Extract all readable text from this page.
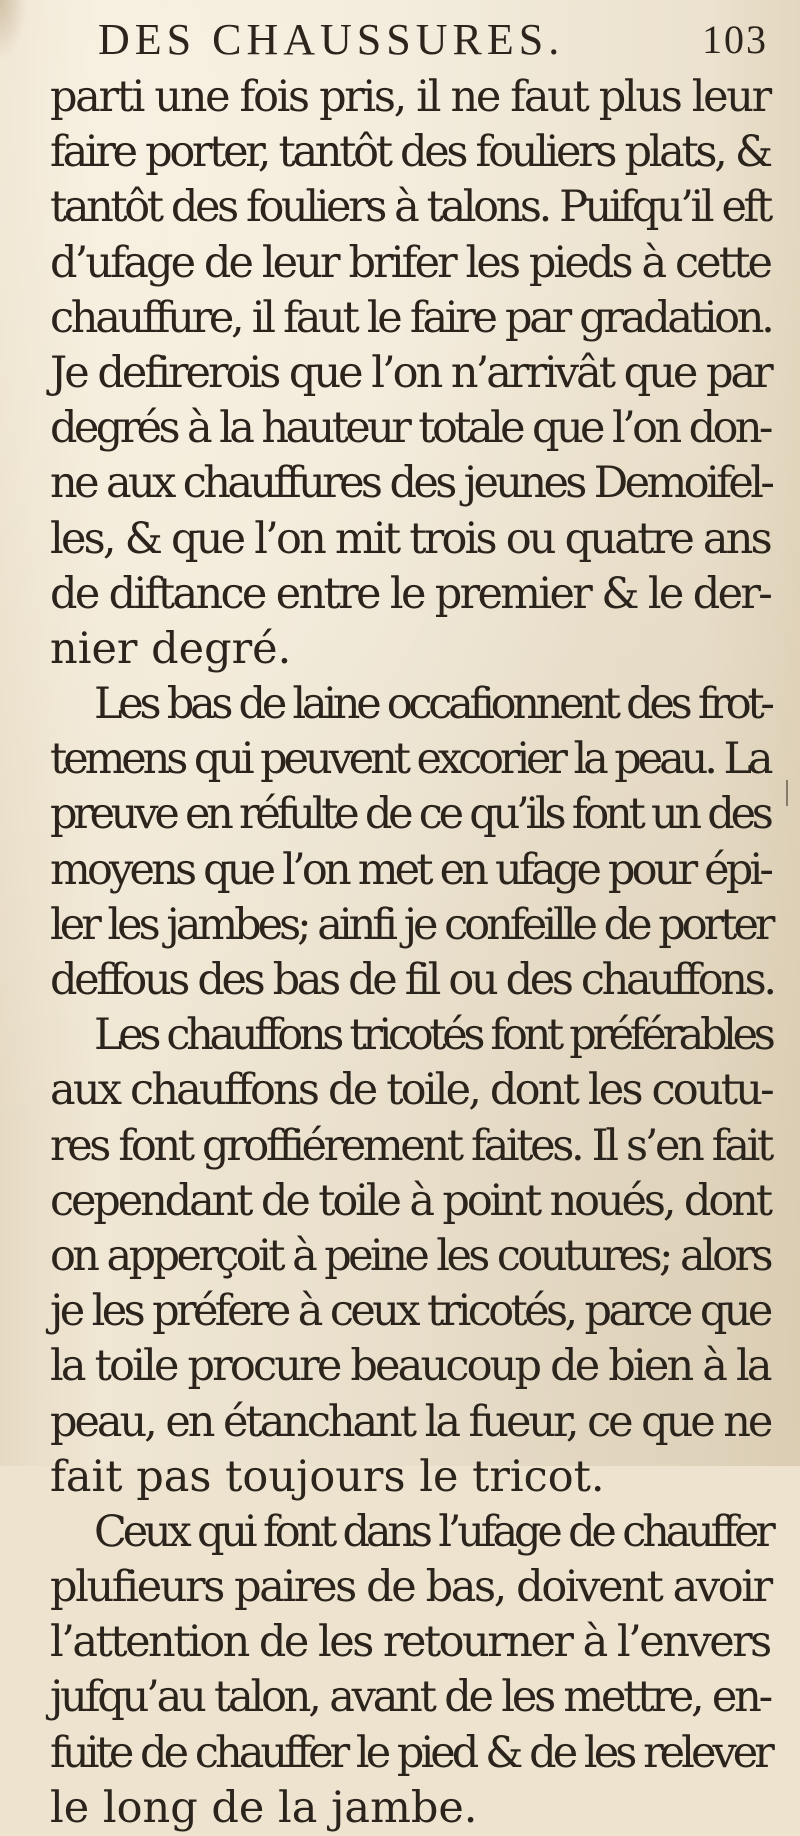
DES CHAUSSURES.	103
parti une fois pris, il ne faut plus leur
faire porter, tantôt des fouliers plats, &
tantôt des fouliers à talons. Puifqu’il eft
d’ufage de leur brifer les pieds à cette
chauffure, il faut le faire par gradation.
Je defirerois que l’on n’arrivât que par
degrés à la hauteur totale que l’on don-
ne aux chauffures des jeunes Demoifel-
les, & que l’on mit trois ou quatre ans
de diftance entre le premier & le der-
nier degré.
Les bas de laine occafionnent des frot-
temens qui peuvent excorier la peau. La
preuve en réfulte de ce qu’ils font un des
moyens que l’on met en ufage pour épi-
ler les jambes; ainfi je confeille de porter
deffous des bas de fil ou des chauffons.
Les chauffons tricotés font préférables
aux chauffons de toile, dont les coutu-
res font groffiérement faites. Il s’en fait
cependant de toile à point noués, dont
on apperçoit à peine les coutures; alors
je les préfere à ceux tricotés, parce que
la toile procure beaucoup de bien à la
peau, en étanchant la fueur, ce que ne
fait pas toujours le tricot.
Ceux qui font dans l’ufage de chauffer
plufieurs paires de bas, doivent avoir
l’attention de les retourner à l’envers
jufqu’au talon, avant de les mettre, en-
fuite de chauffer le pied & de les relever
le long de la jambe.
